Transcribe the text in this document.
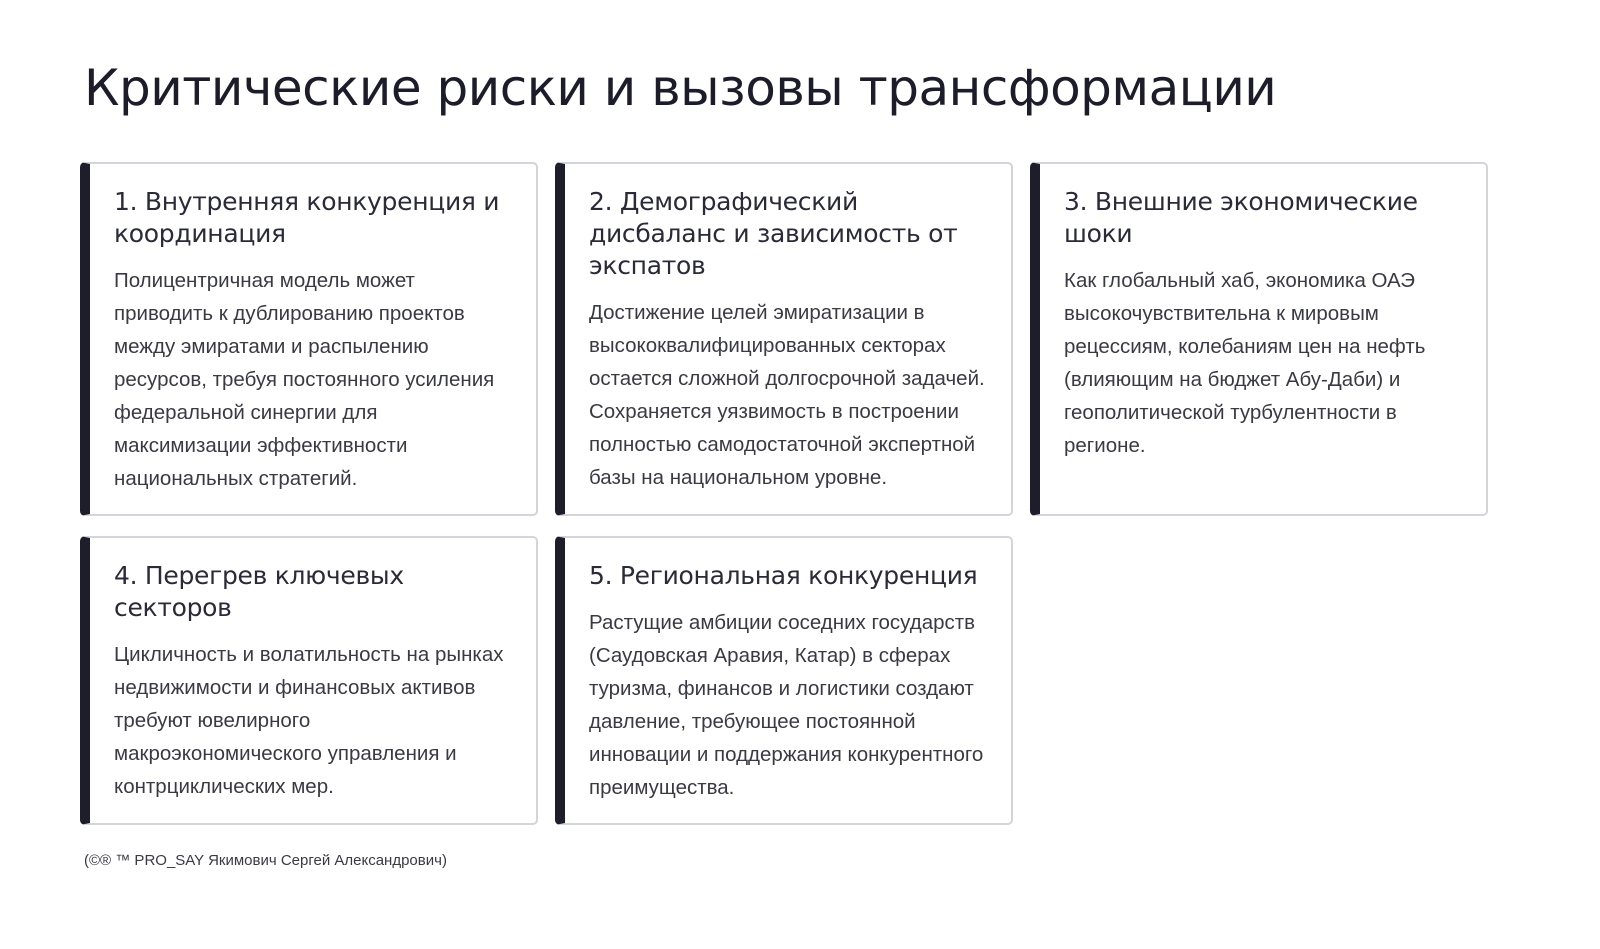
Критические риски и вызовы трансформации
1. Внутренняя конкуренция и координация

Полицентричная модель может приводить к дублированию проектов между эмиратами и распылению ресурсов, требуя постоянного усиления федеральной синергии для максимизации эффективности национальных стратегий.

2. Демографический дисбаланс и зависимость от экспатов

Достижение целей эмиратизации в высококвалифицированных секторах остается сложной долгосрочной задачей. Сохраняется уязвимость в построении полностью самодостаточной экспертной базы на национальном уровне.

3. Внешние экономические шоки

Как глобальный хаб, экономика ОАЭ высокочувствительна к мировым рецессиям, колебаниям цен на нефть (влияющим на бюджет Абу-Даби) и геополитической турбулентности в регионе.

4. Перегрев ключевых секторов

Цикличность и волатильность на рынках недвижимости и финансовых активов требуют ювелирного макроэкономического управления и контрциклических мер.

5. Региональная конкуренция

Растущие амбиции соседних государств (Саудовская Аравия, Катар) в сферах туризма, финансов и логистики создают давление, требующее постоянной инновации и поддержания конкурентного преимущества.

(©® ™ PRO_SAY Якимович Сергей Александрович)
